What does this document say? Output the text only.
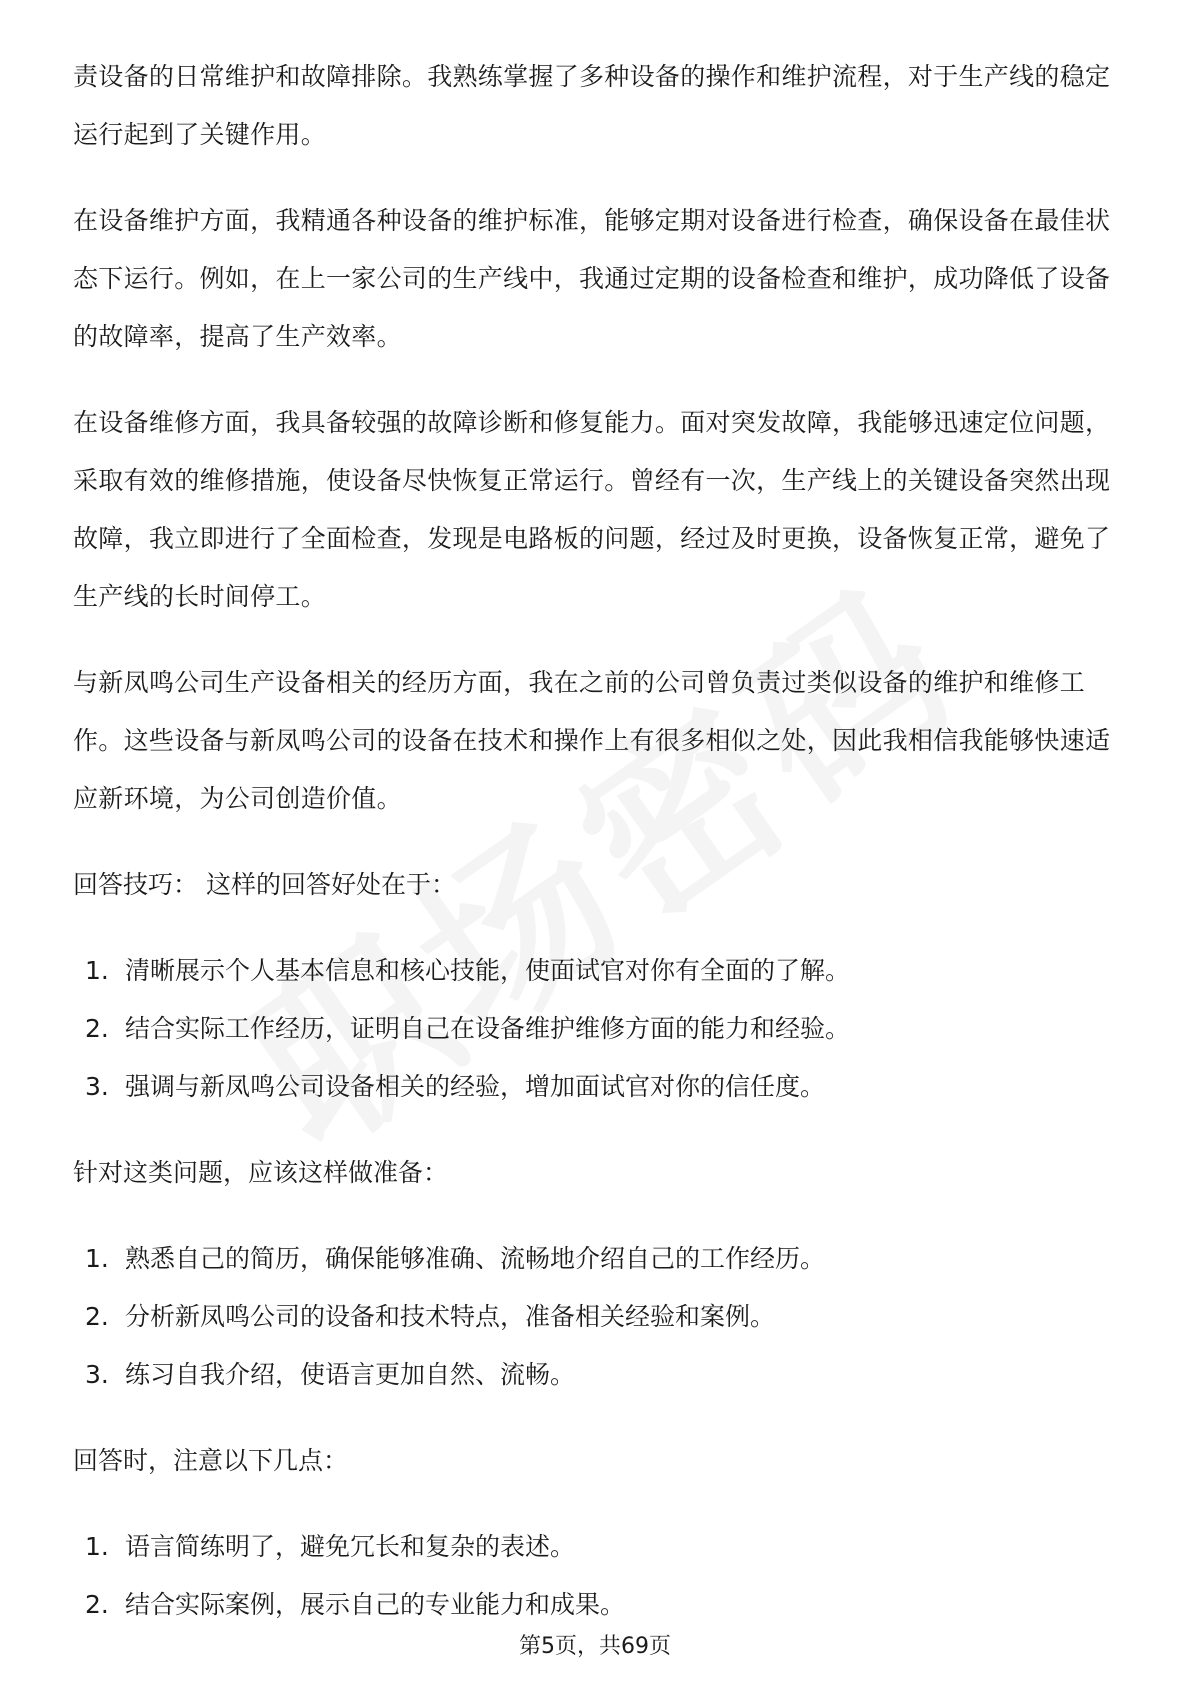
责设备的日常维护和故障排除。我熟练掌握了多种设备的操作和维护流程，对于生产线的稳定运行起到了关键作用。

在设备维护方面，我精通各种设备的维护标准，能够定期对设备进行检查，确保设备在最佳状态下运行。例如，在上一家公司的生产线中，我通过定期的设备检查和维护，成功降低了设备的故障率，提高了生产效率。

在设备维修方面，我具备较强的故障诊断和修复能力。面对突发故障，我能够迅速定位问题，采取有效的维修措施，使设备尽快恢复正常运行。曾经有一次，生产线上的关键设备突然出现故障，我立即进行了全面检查，发现是电路板的问题，经过及时更换，设备恢复正常，避免了生产线的长时间停工。

与新凤鸣公司生产设备相关的经历方面，我在之前的公司曾负责过类似设备的维护和维修工作。这些设备与新凤鸣公司的设备在技术和操作上有很多相似之处，因此我相信我能够快速适应新环境，为公司创造价值。

回答技巧： 这样的回答好处在于：

1. 清晰展示个人基本信息和核心技能，使面试官对你有全面的了解。
2. 结合实际工作经历，证明自己在设备维护维修方面的能力和经验。
3. 强调与新凤鸣公司设备相关的经验，增加面试官对你的信任度。

针对这类问题，应该这样做准备：

1. 熟悉自己的简历，确保能够准确、流畅地介绍自己的工作经历。
2. 分析新凤鸣公司的设备和技术特点，准备相关经验和案例。
3. 练习自我介绍，使语言更加自然、流畅。

回答时，注意以下几点：

1. 语言简练明了，避免冗长和复杂的表述。
2. 结合实际案例，展示自己的专业能力和成果。
第5页，共69页
